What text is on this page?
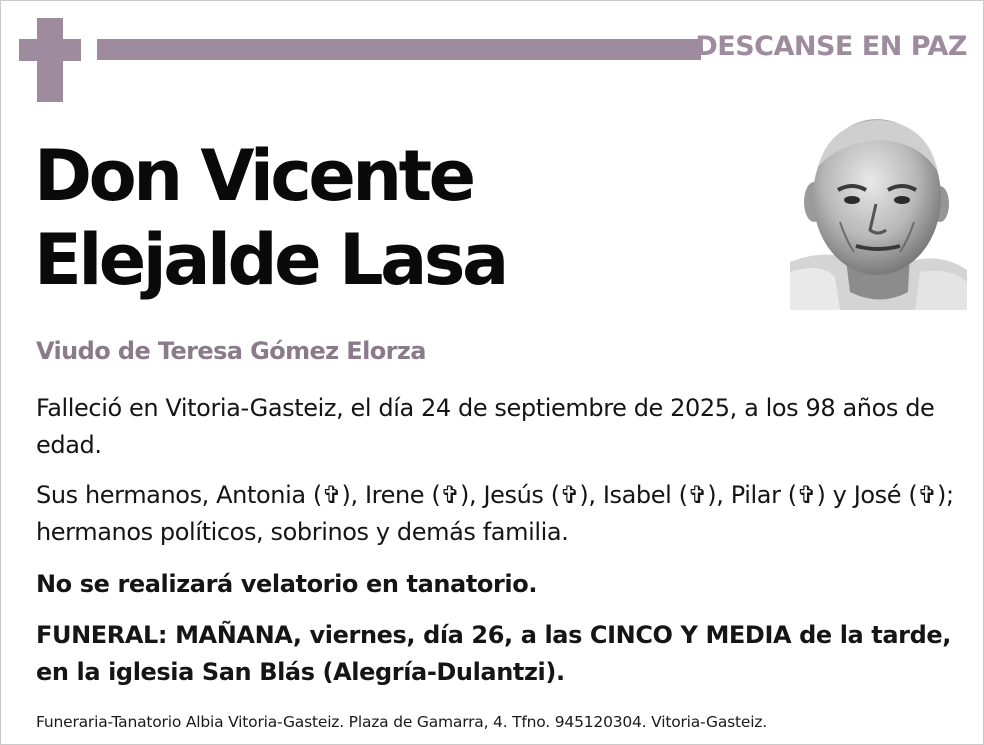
DESCANSE EN PAZ
Don Vicente
Elejalde Lasa
Viudo de Teresa Gómez Elorza
Falleció en Vitoria-Gasteiz, el día 24 de septiembre de 2025, a los 98 años de edad.
Sus hermanos, Antonia (✞), Irene (✞), Jesús (✞), Isabel (✞), Pilar (✞) y José (✞); hermanos políticos, sobrinos y demás familia.
No se realizará velatorio en tanatorio.
FUNERAL: MAÑANA, viernes, día 26, a las CINCO Y MEDIA de la tarde, en la iglesia San Blás (Alegría-Dulantzi).
Funeraria-Tanatorio Albia Vitoria-Gasteiz. Plaza de Gamarra, 4. Tfno. 945120304. Vitoria-Gasteiz.
